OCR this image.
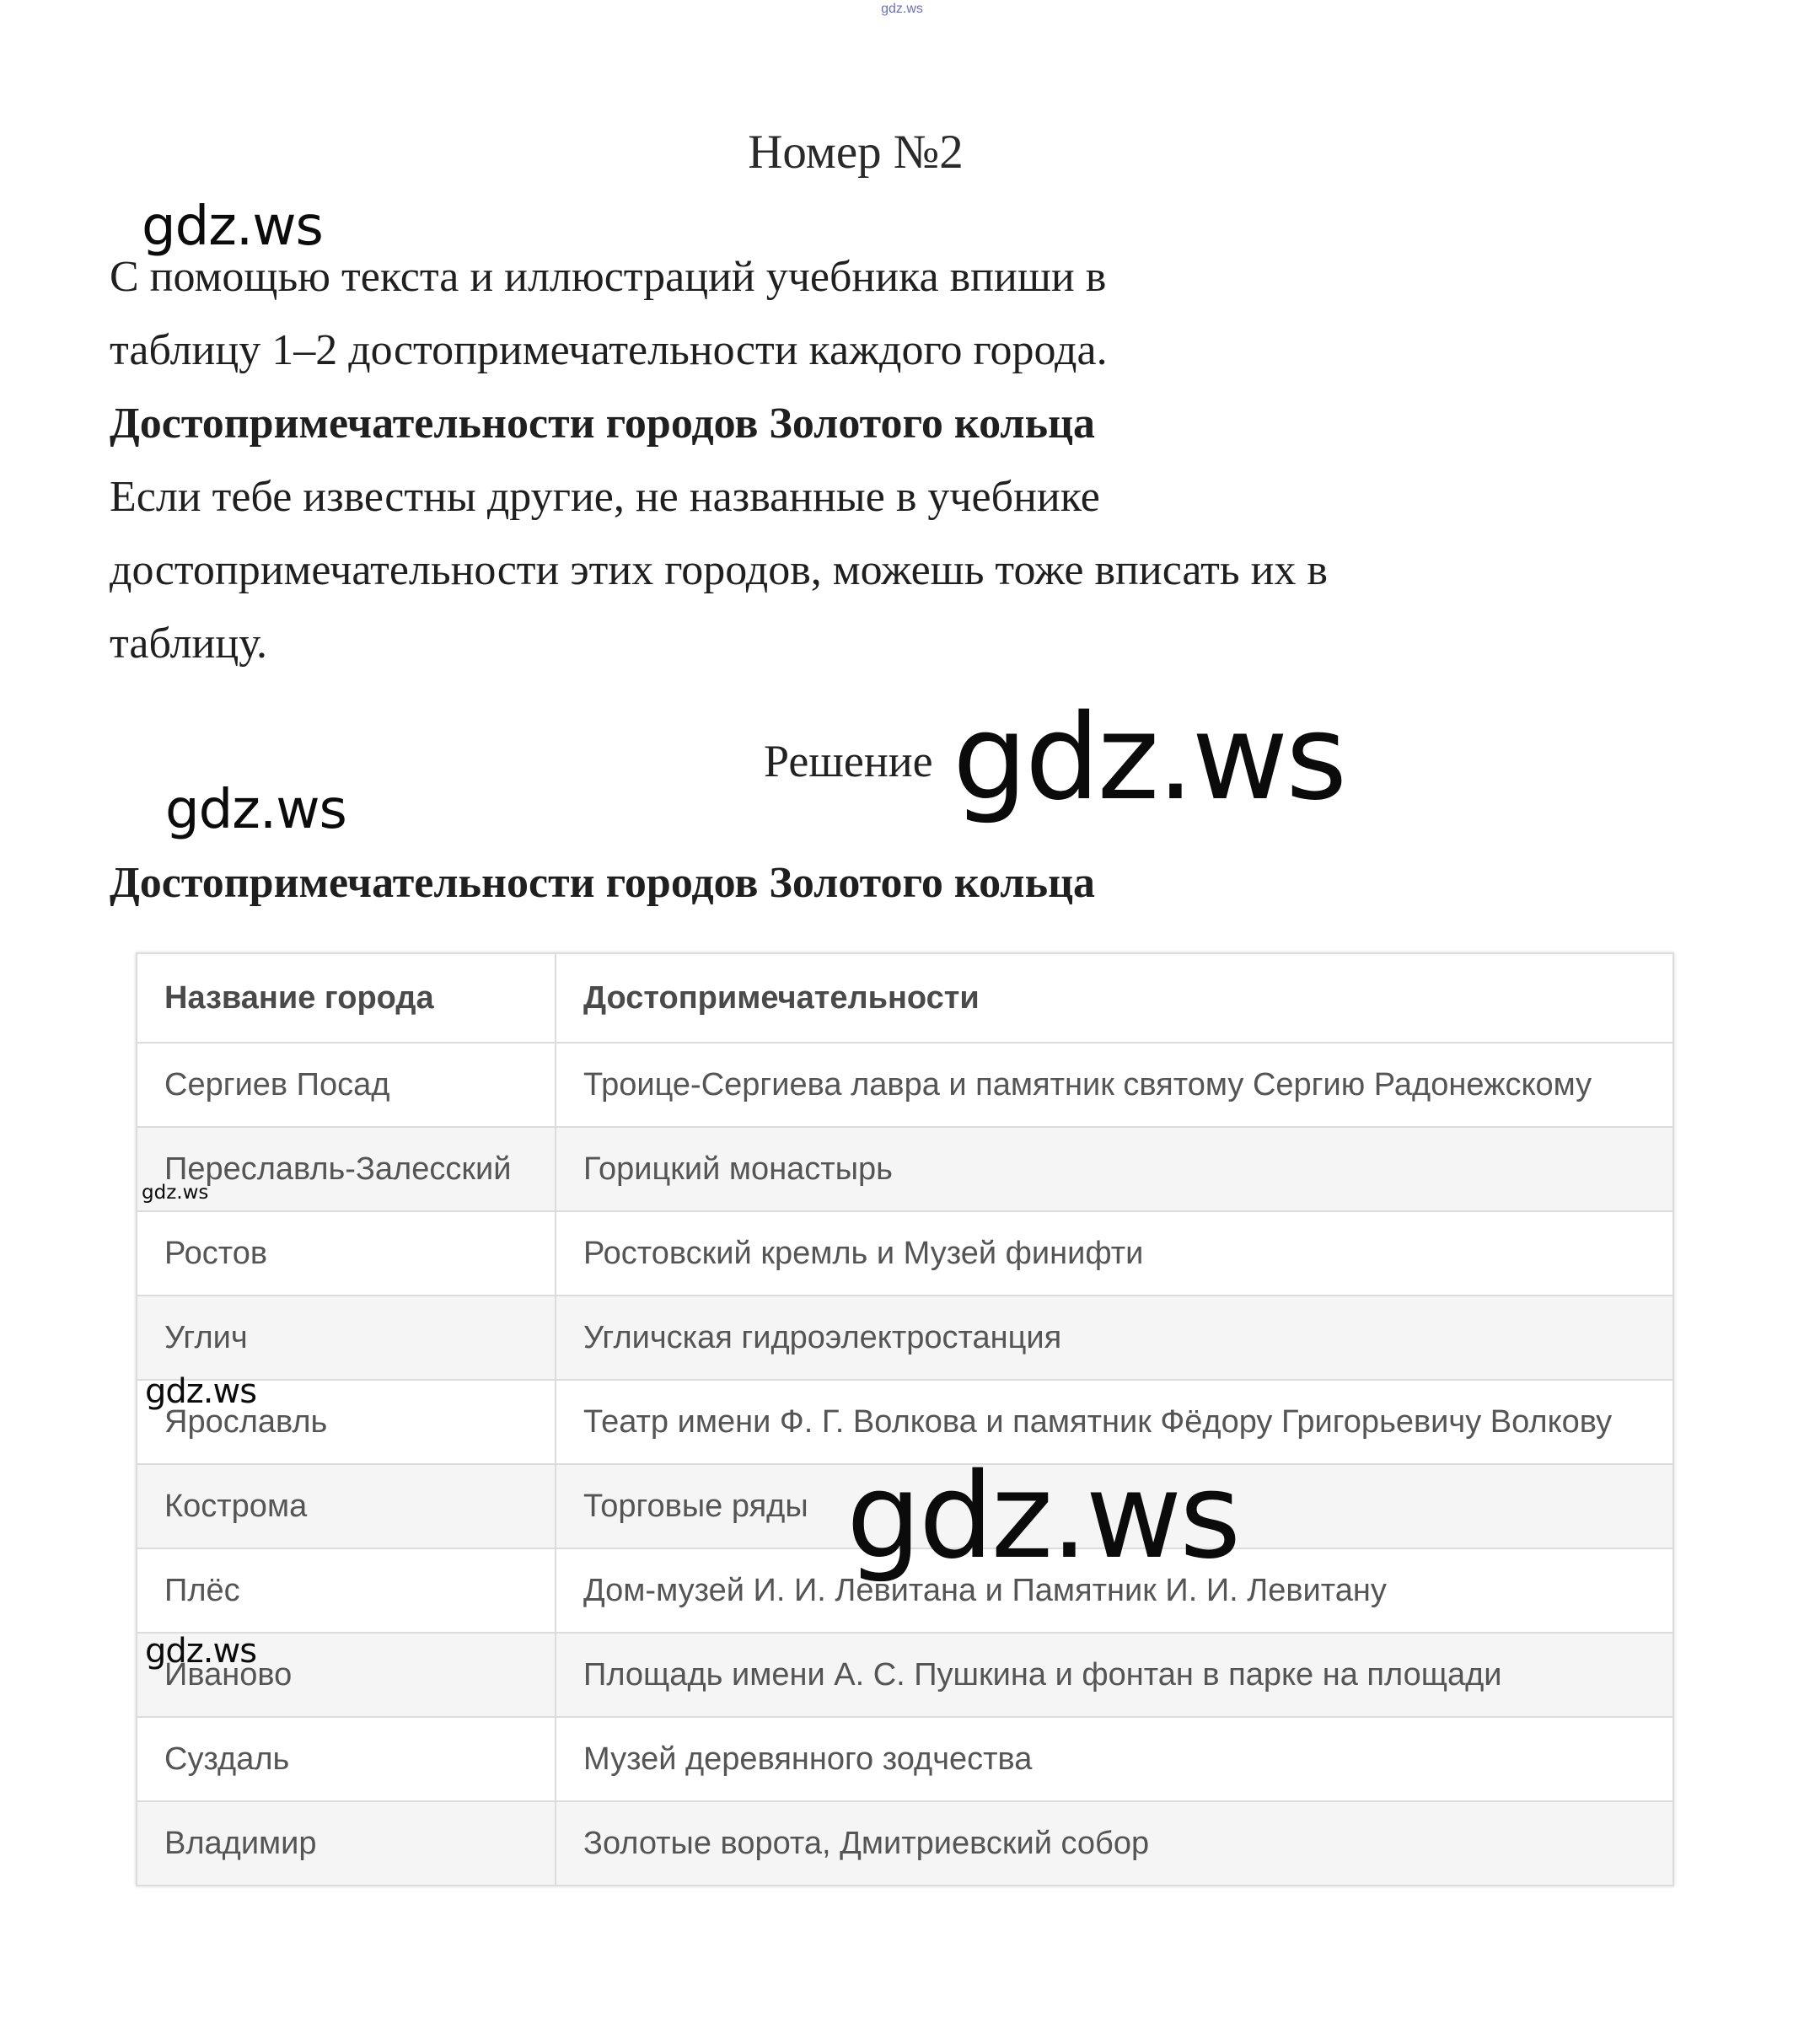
gdz.ws
Номер №2

С помощью текста и иллюстраций учебника впиши в

таблицу 1–2 достопримечательности каждого города.

Достопримечательности городов Золотого кольца

Если тебе известны другие, не названные в учебнике

достопримечательности этих городов, можешь тоже вписать их в

таблицу.

Решение
Достопримечательности городов Золотого кольца
Название города	Достопримечательности
Сергиев Посад	Троице-Сергиева лавра и памятник святому Сергию Радонежскому
Переславль-Залесский	Горицкий монастырь
Ростов	Ростовский кремль и Музей финифти
Углич	Угличская гидроэлектростанция
Ярославль	Театр имени Ф. Г. Волкова и памятник Фёдору Григорьевичу Волкову
Кострома	Торговые ряды
Плёс	Дом-музей И. И. Левитана и Памятник И. И. Левитану
Иваново	Площадь имени А. С. Пушкина и фонтан в парке на площади
Суздаль	Музей деревянного зодчества
Владимир	Золотые ворота, Дмитриевский собор
gdz.ws
gdz.ws
gdz.ws
gdz.ws
gdz.ws
gdz.ws
gdz.ws
